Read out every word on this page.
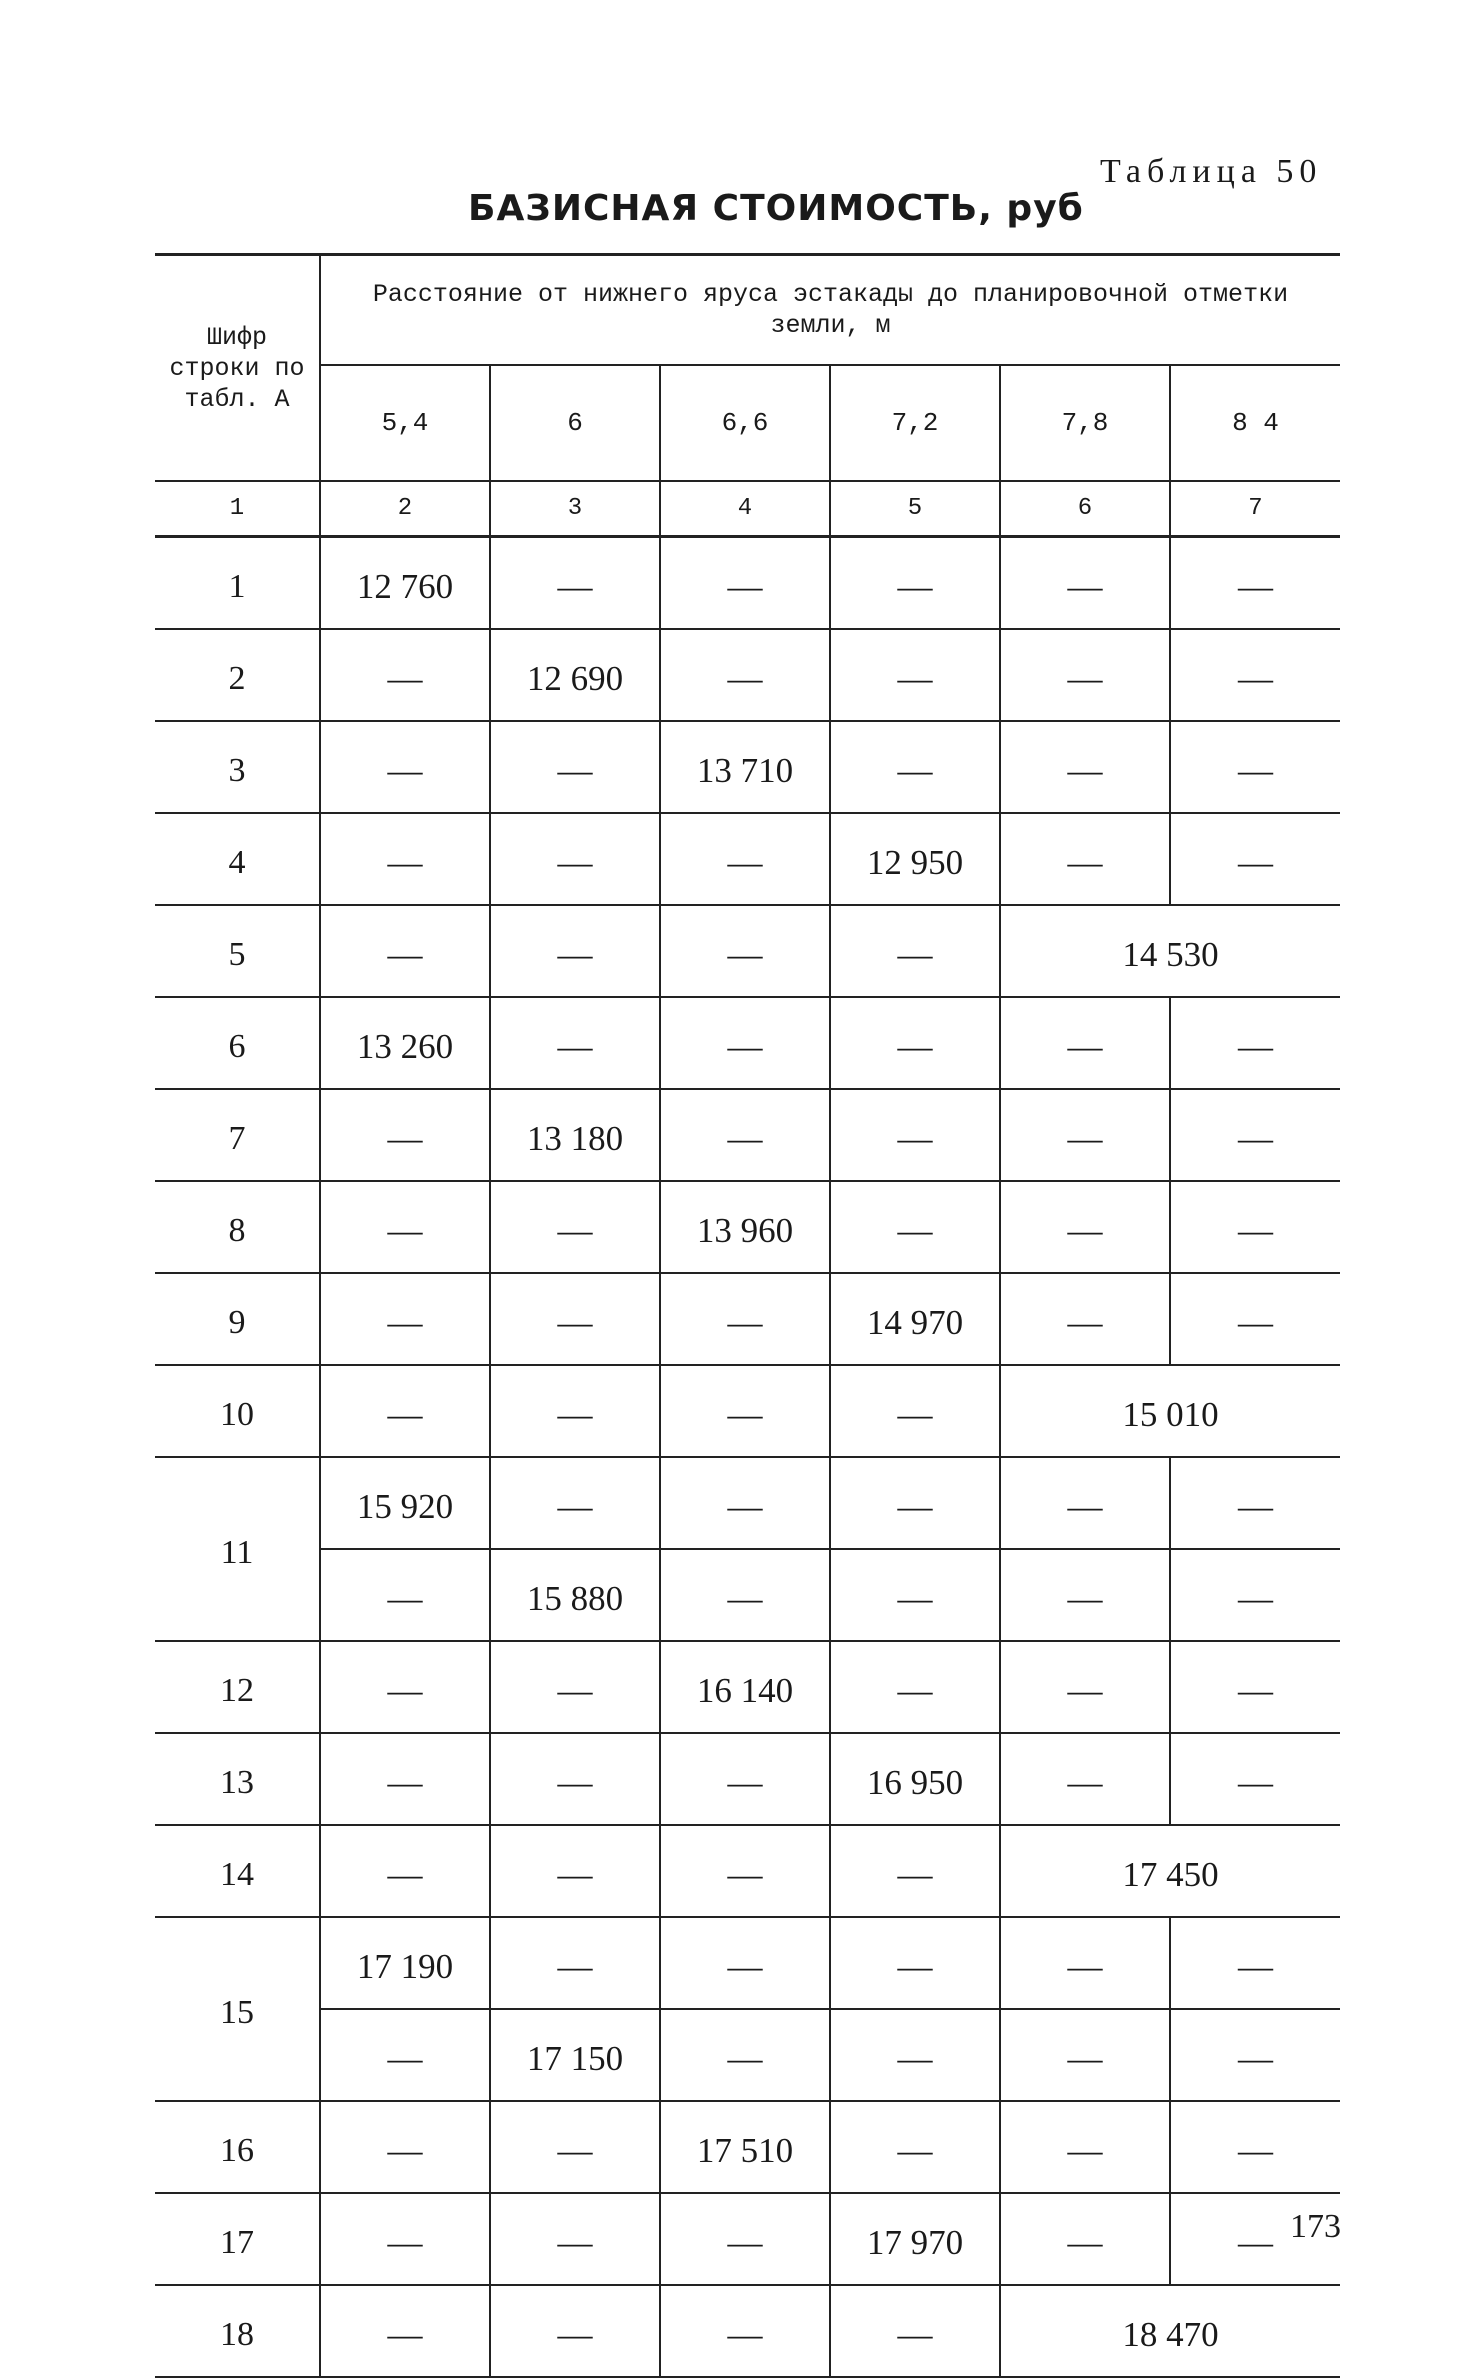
Таблица 50
БАЗИСНАЯ СТОИМОСТЬ, руб
Шифр строки по табл. А	Расстояние от нижнего яруса эстакады до планировочной отметки земли, м					
	5,4	6	6,6	7,2	7,8	8 4
1	2	3	4	5	6	7
1	12 760	—	—	—	—	—
2	—	12 690	—	—	—	—
3	—	—	13 710	—	—	—
4	—	—	—	12 950	—	—
5	—	—	—	—	14 530	
6	13 260	—	—	—	—	—
7	—	13 180	—	—	—	—
8	—	—	13 960	—	—	—
9	—	—	—	14 970	—	—
10	—	—	—	—	15 010	
11	15 920	—	—	—	—	—
	—	15 880	—	—	—	—
12	—	—	16 140	—	—	—
13	—	—	—	16 950	—	—
14	—	—	—	—	17 450	
15	17 190	—	—	—	—	—
	—	17 150	—	—	—	—
16	—	—	17 510	—	—	—
17	—	—	—	17 970	—	—
18	—	—	—	—	18 470	
173
